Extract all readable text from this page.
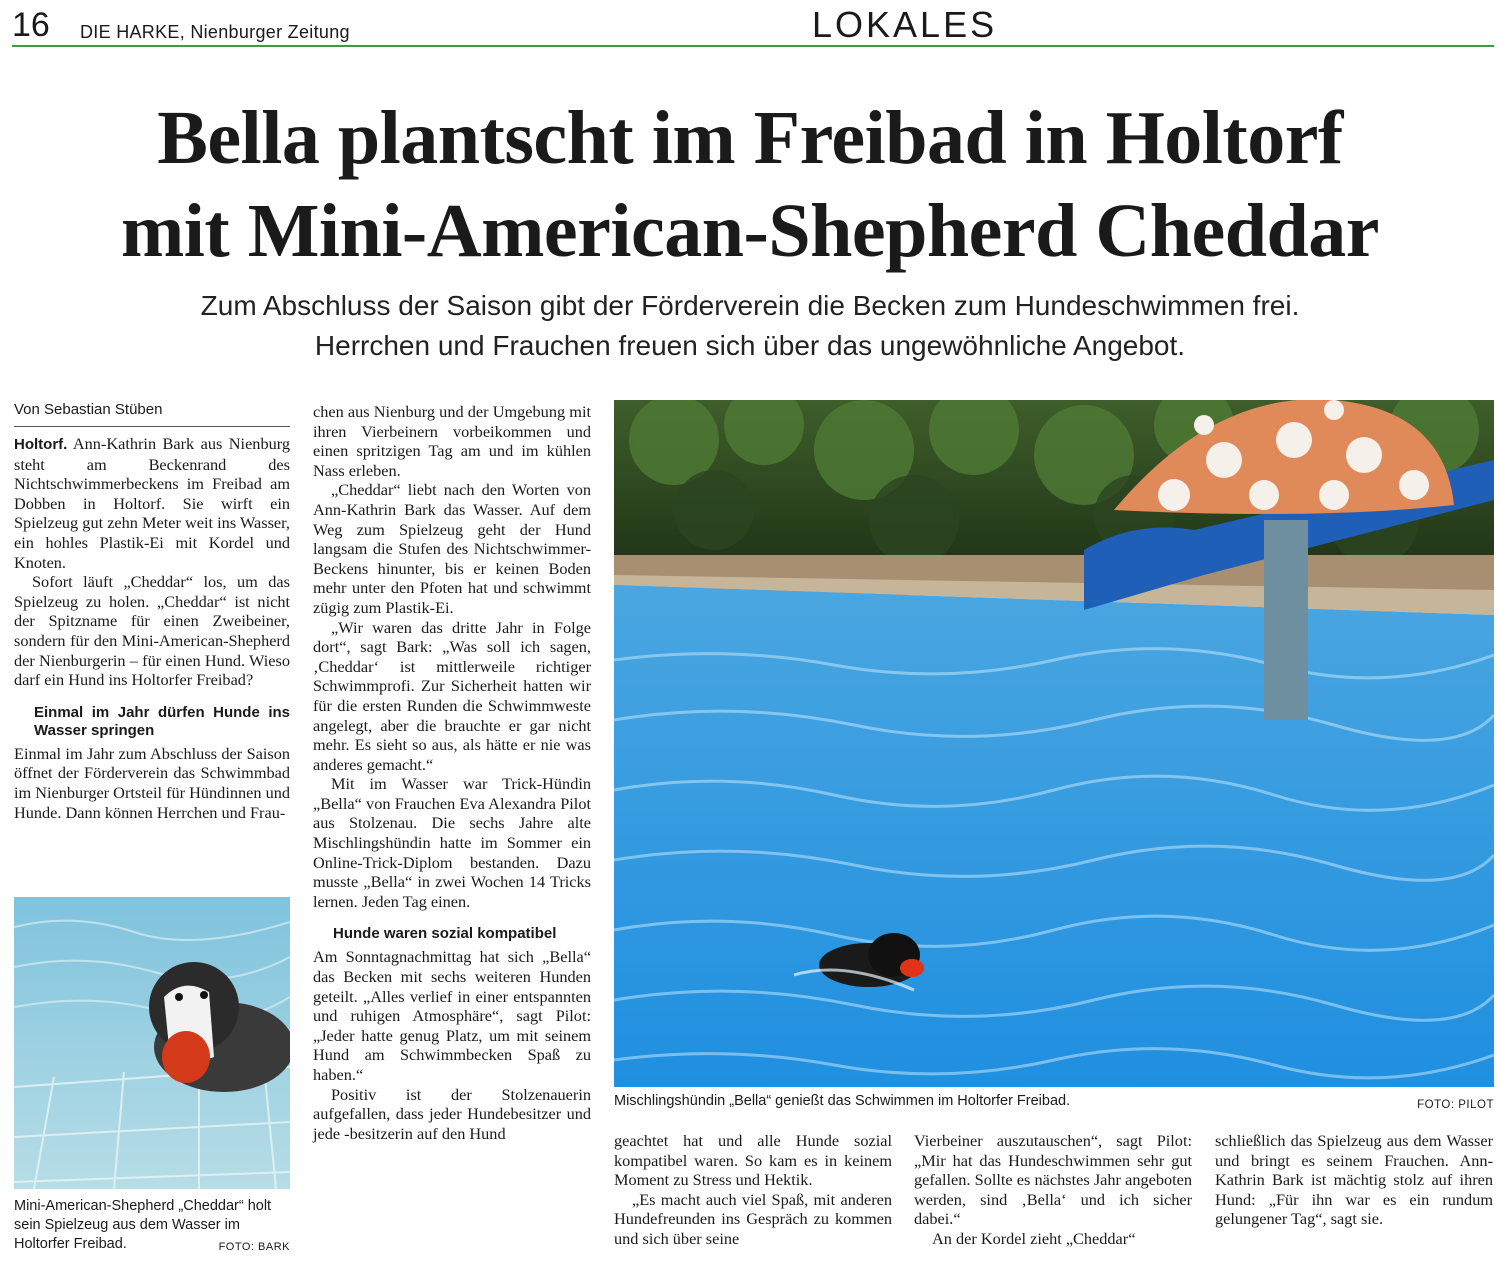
16 DIE HARKE, Nienburger Zeitung	LOKALES
Bella plantscht im Freibad in Holtorf
mit Mini-American-Shepherd Cheddar
Zum Abschluss der Saison gibt der Förderverein die Becken zum Hundeschwimmen frei.
Herrchen und Frauchen freuen sich über das ungewöhnliche Angebot.
Von Sebastian Stüben

Holtorf. Ann-Kathrin Bark aus Nienburg steht am Beckenrand des Nichtschwimmerbeckens im Freibad am Dobben in Holtorf. Sie wirft ein Spielzeug gut zehn Meter weit ins Wasser, ein hohles Plastik-Ei mit Kordel und Knoten.

Sofort läuft „Cheddar“ los, um das Spielzeug zu holen. „Cheddar“ ist nicht der Spitzname für einen Zweibeiner, sondern für den Mini-American-Shepherd der Nienburgerin – für einen Hund. Wieso darf ein Hund ins Holtorfer Freibad?

Einmal im Jahr dürfen Hunde ins Wasser springen

Einmal im Jahr zum Abschluss der Saison öffnet der Förderverein das Schwimmbad im Nienburger Ortsteil für Hündinnen und Hunde. Dann können Herrchen und Frau-

Mini-American-Shepherd „Cheddar“ holt sein Spielzeug aus dem Wasser im Holtorfer Freibad.	FOTO: BARK

chen aus Nienburg und der Umgebung mit ihren Vierbeinern vorbeikommen und einen spritzigen Tag am und im kühlen Nass erleben.

„Cheddar“ liebt nach den Worten von Ann-Kathrin Bark das Wasser. Auf dem Weg zum Spielzeug geht der Hund langsam die Stufen des Nichtschwimmer-Beckens hinunter, bis er keinen Boden mehr unter den Pfoten hat und schwimmt zügig zum Plastik-Ei.

„Wir waren das dritte Jahr in Folge dort“, sagt Bark: „Was soll ich sagen, ‚Cheddar‘ ist mittlerweile richtiger Schwimmprofi. Zur Sicherheit hatten wir für die ersten Runden die Schwimmweste angelegt, aber die brauchte er gar nicht mehr. Es sieht so aus, als hätte er nie was anderes gemacht.“

Mit im Wasser war Trick-Hündin „Bella“ von Frauchen Eva Alexandra Pilot aus Stolzenau. Die sechs Jahre alte Mischlingshündin hatte im Sommer ein Online-Trick-Diplom bestanden. Dazu musste „Bella“ in zwei Wochen 14 Tricks lernen. Jeden Tag einen.

Hunde waren sozial kompatibel

Am Sonntagnachmittag hat sich „Bella“ das Becken mit sechs weiteren Hunden geteilt. „Alles verlief in einer entspannten und ruhigen Atmosphäre“, sagt Pilot: „Jeder hatte genug Platz, um mit seinem Hund am Schwimmbecken Spaß zu haben.“

Positiv ist der Stolzenauerin aufgefallen, dass jeder Hundebesitzer und jede -besitzerin auf den Hund

Mischlingshündin „Bella“ genießt das Schwimmen im Holtorfer Freibad.	FOTO: PILOT

geachtet hat und alle Hunde sozial kompatibel waren. So kam es in keinem Moment zu Stress und Hektik.

„Es macht auch viel Spaß, mit anderen Hundefreunden ins Gespräch zu kommen und sich über seine

Vierbeiner auszutauschen“, sagt Pilot: „Mir hat das Hundeschwimmen sehr gut gefallen. Sollte es nächstes Jahr angeboten werden, sind ‚Bella‘ und ich sicher dabei.“

An der Kordel zieht „Cheddar“

schließlich das Spielzeug aus dem Wasser und bringt es seinem Frauchen. Ann-Kathrin Bark ist mächtig stolz auf ihren Hund: „Für ihn war es ein rundum gelungener Tag“, sagt sie.
